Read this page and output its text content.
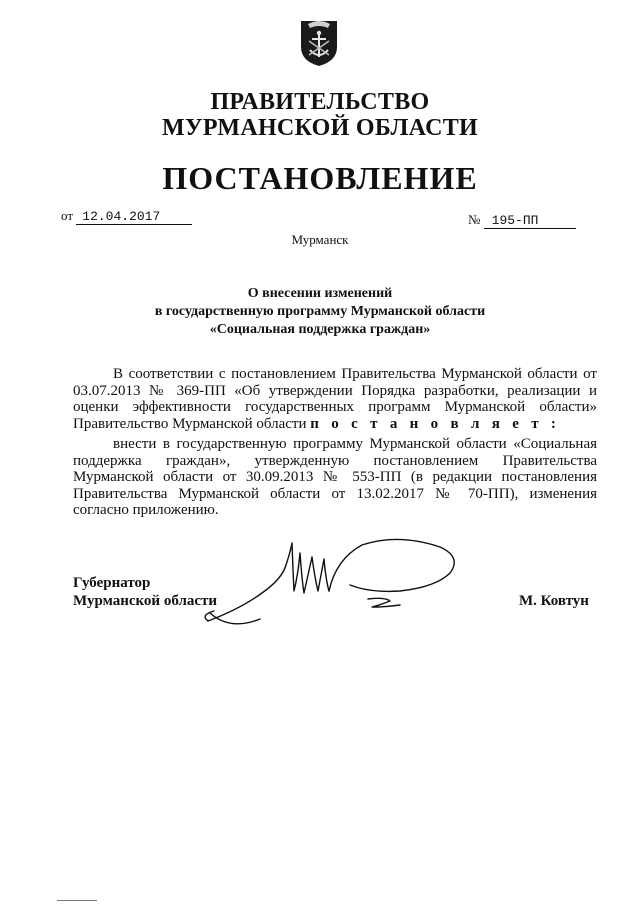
ПРАВИТЕЛЬСТВО
МУРМАНСКОЙ ОБЛАСТИ
ПОСТАНОВЛЕНИЕ
от 12.04.2017	№ 195-ПП
Мурманск
О внесении изменений
в государственную программу Мурманской области
«Социальная поддержка граждан»
В соответствии с постановлением Правительства Мурманской области от 03.07.2013 № 369-ПП «Об утверждении Порядка разработки, реализации и оценки эффективности государственных программ Мурманской области» Правительство Мурманской области п о с т а н о в л я е т :
внести в государственную программу Мурманской области «Социальная поддержка граждан», утвержденную постановлением Правительства Мурманской области от 30.09.2013 № 553-ПП (в редакции постановления Правительства Мурманской области от 13.02.2017 № 70-ПП), изменения согласно приложению.
Губернатор
Мурманской области	М. Ковтун
